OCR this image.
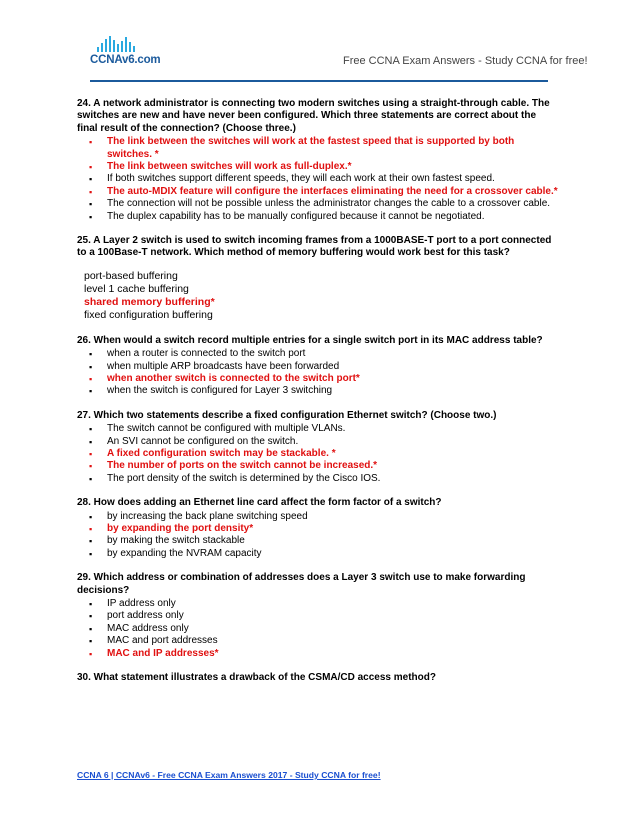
CCNAv6.com	Free CCNA Exam Answers - Study CCNA for free!

24. A network administrator is connecting two modern switches using a straight-through cable. The switches are new and have never been configured. Which three statements are correct about the final result of the connection? (Choose three.)

▪ The link between the switches will work at the fastest speed that is supported by both switches. *
▪ The link between switches will work as full-duplex.*
▪ If both switches support different speeds, they will each work at their own fastest speed.
▪ The auto-MDIX feature will configure the interfaces eliminating the need for a crossover cable.*
▪ The connection will not be possible unless the administrator changes the cable to a crossover cable.
▪ The duplex capability has to be manually configured because it cannot be negotiated.

25. A Layer 2 switch is used to switch incoming frames from a 1000BASE-T port to a port connected to a 100Base-T network. Which method of memory buffering would work best for this task?

port-based buffering
level 1 cache buffering
shared memory buffering*
fixed configuration buffering

26. When would a switch record multiple entries for a single switch port in its MAC address table?

▪ when a router is connected to the switch port
▪ when multiple ARP broadcasts have been forwarded
▪ when another switch is connected to the switch port*
▪ when the switch is configured for Layer 3 switching

27. Which two statements describe a fixed configuration Ethernet switch? (Choose two.)

▪ The switch cannot be configured with multiple VLANs.
▪ An SVI cannot be configured on the switch.
▪ A fixed configuration switch may be stackable. *
▪ The number of ports on the switch cannot be increased.*
▪ The port density of the switch is determined by the Cisco IOS.

28. How does adding an Ethernet line card affect the form factor of a switch?

▪ by increasing the back plane switching speed
▪ by expanding the port density*
▪ by making the switch stackable
▪ by expanding the NVRAM capacity

29. Which address or combination of addresses does a Layer 3 switch use to make forwarding decisions?

▪ IP address only
▪ port address only
▪ MAC address only
▪ MAC and port addresses
▪ MAC and IP addresses*

30. What statement illustrates a drawback of the CSMA/CD access method?

CCNA 6 | CCNAv6 - Free CCNA Exam Answers 2017 - Study CCNA for free!
